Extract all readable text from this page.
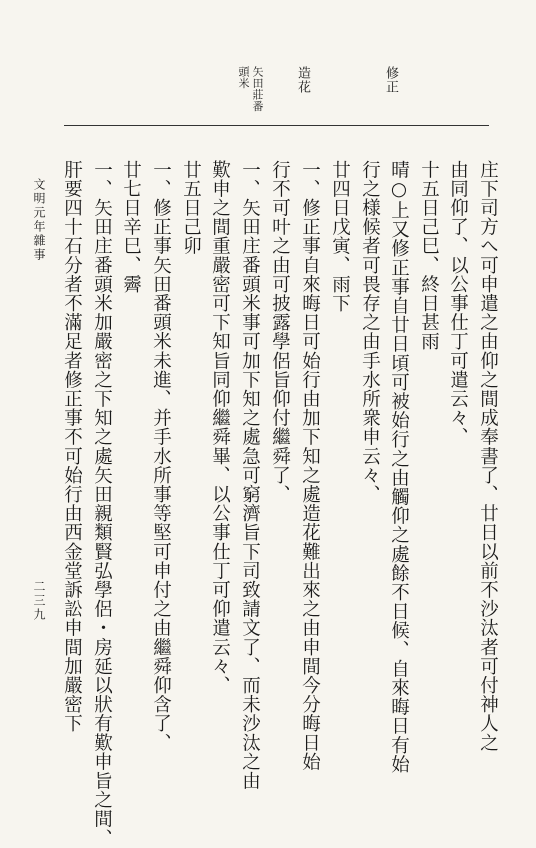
修正
造花
矢田莊番
頭米
庄下司方へ可申遣之由仰之間成奉書了、廿日以前不沙汰者可付神人之
由同仰了、以公事仕丁可遣云々、
十五日己巳、終日甚雨
晴○上又修正事自廿日頃可被始行之由觸仰之處餘不日候、自來晦日有始
行之様候者可畏存之由手水所衆申云々、
廿四日戊寅、雨下
一、修正事自來晦日可始行由加下知之處造花難出來之由申間今分晦日始
行不可叶之由可披露學侶旨仰付繼舜了、
一、矢田庄番頭米事可加下知之處急可窮濟旨下司致請文了、而未沙汰之由
歎申之間重嚴密可下知旨同仰繼舜畢、以公事仕丁可仰遣云々、
廿五日己卯
一、修正事矢田番頭米未進、并手水所事等堅可申付之由繼舜仰含了、
廿七日辛巳、霽
一、矢田庄番頭米加嚴密之下知之處矢田親類賢弘學侶・房延以狀有歎申旨之間、
肝要四十石分者不滿足者修正事不可始行由西金堂訴訟申間加嚴密下
文明元年雜事
二三九
